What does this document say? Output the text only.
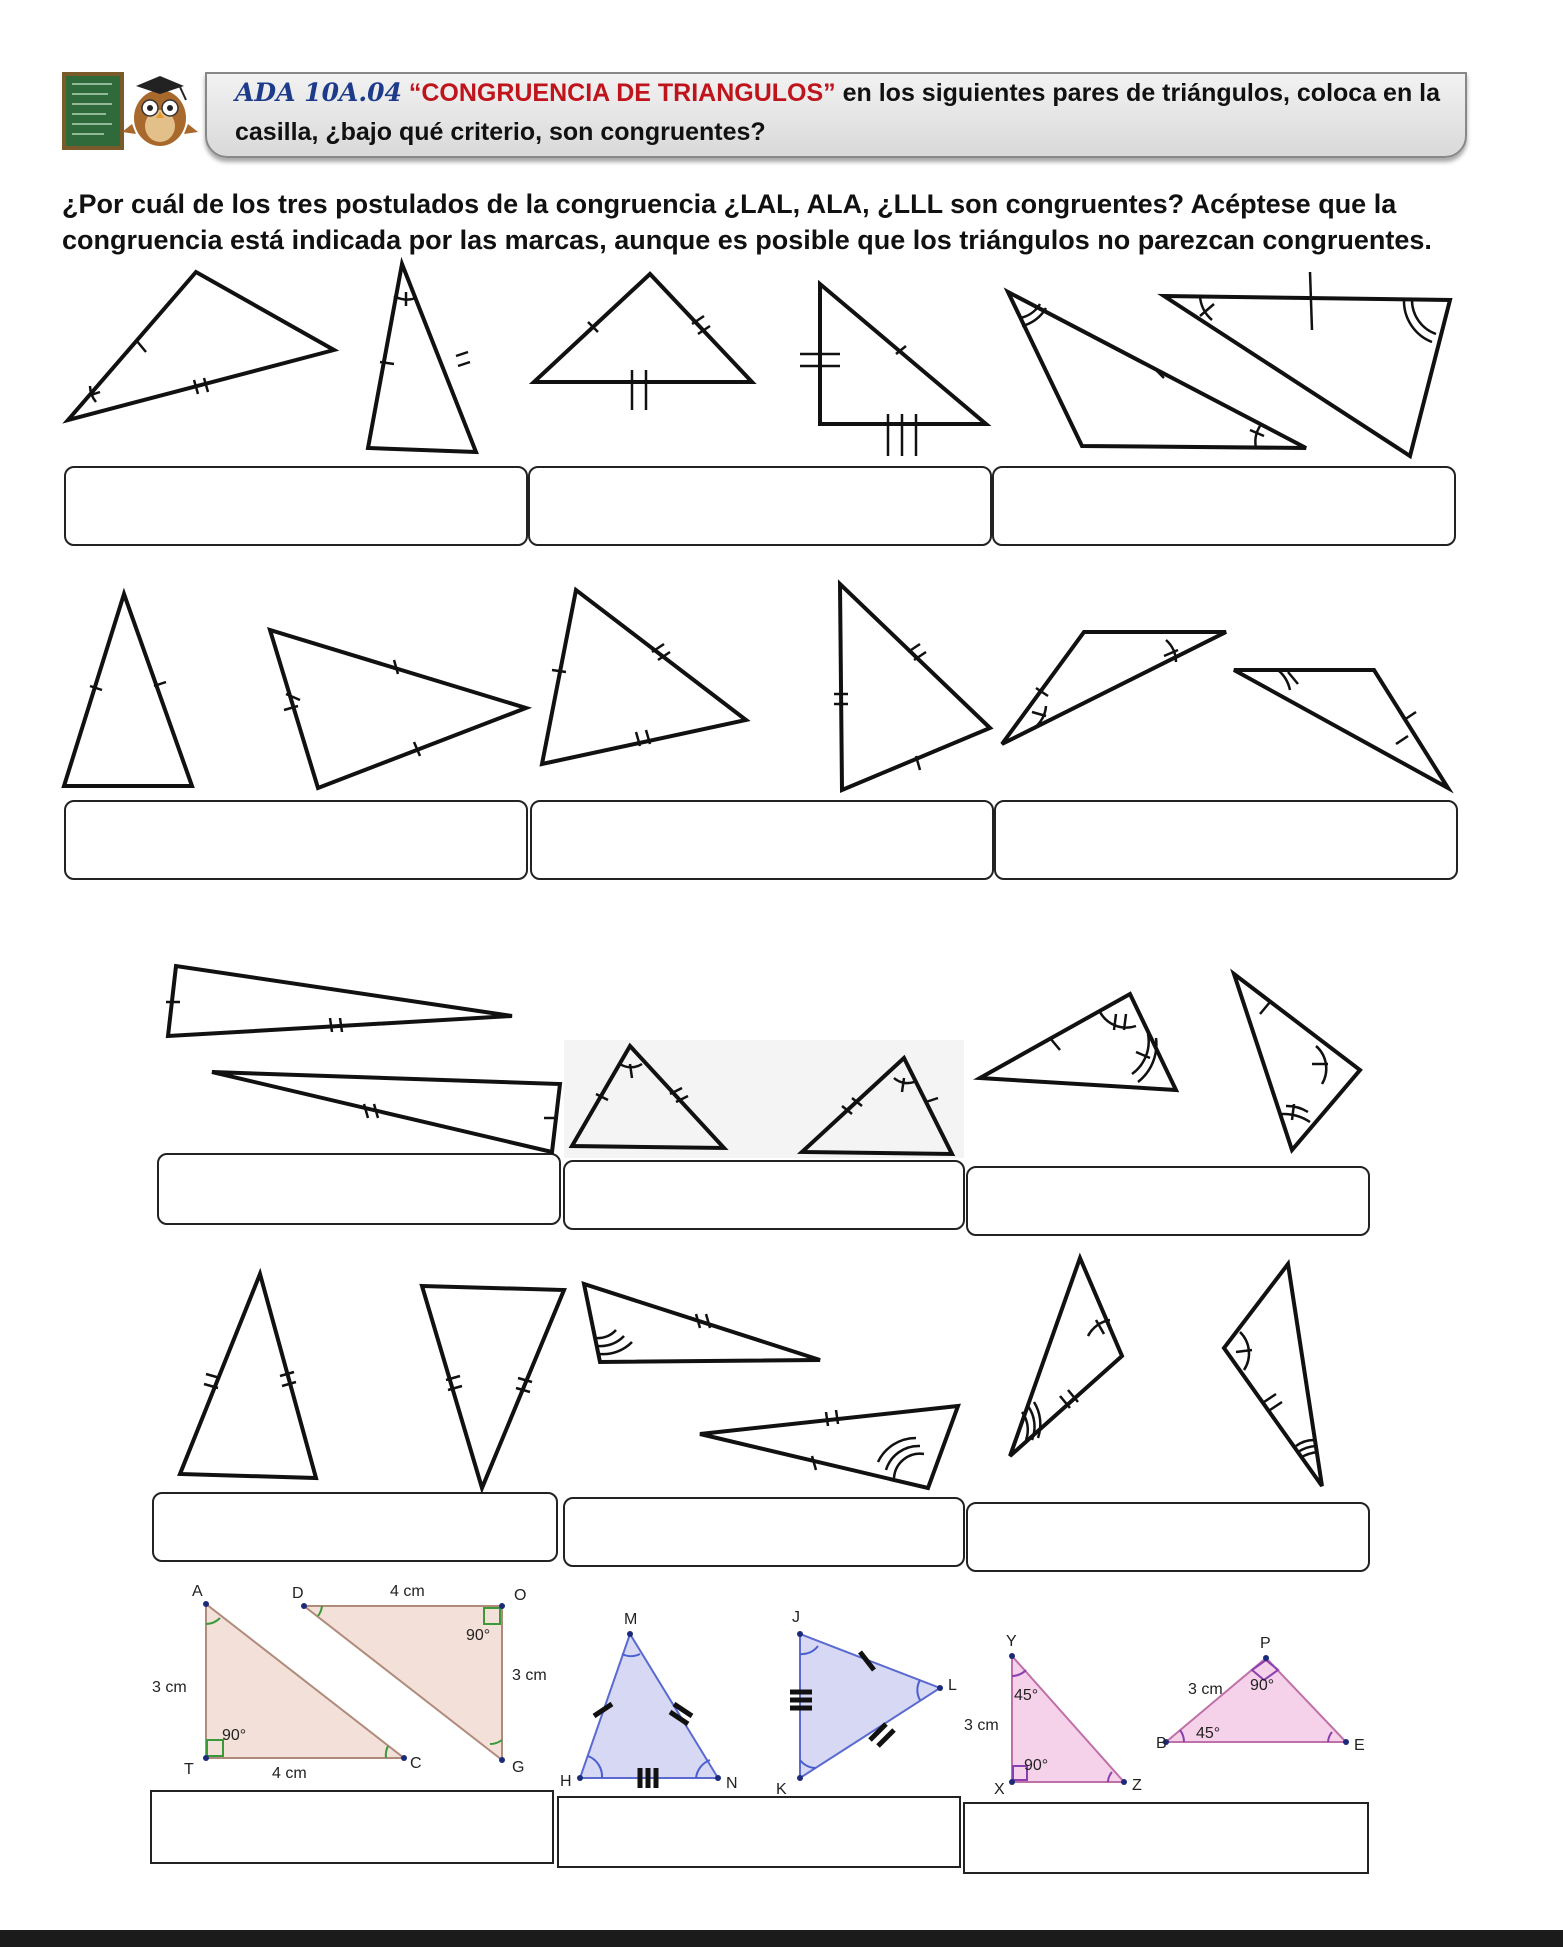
ADA 10A.04 “CONGRUENCIA DE TRIANGULOS” en los siguientes pares de triángulos, coloca en la
casilla, ¿bajo qué criterio, son congruentes?
¿Por cuál de los tres postulados de la congruencia ¿LAL, ALA, ¿LLL son congruentes? Acéptese que la congruencia está indicada por las marcas, aunque es posible que los triángulos no parezcan congruentes.
A
T	C
D	O
G
4 cm
4 cm
3 cm
3 cm
90°
90°
M
H	N
J
L
K
Y
X	Z
P
B	E
3 cm
3 cm
45°
90°
90°
45°
